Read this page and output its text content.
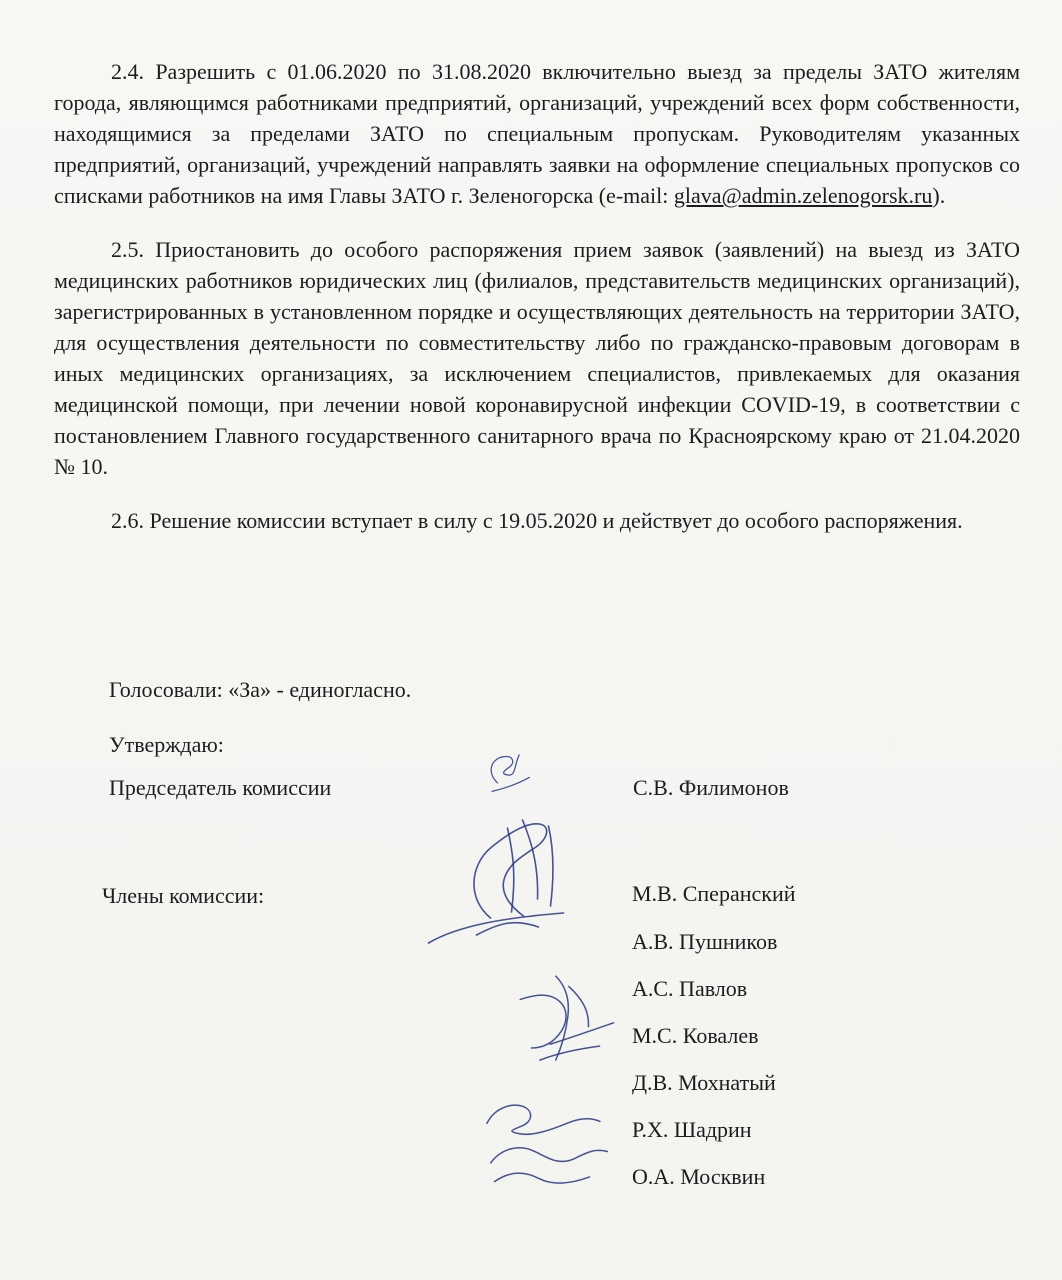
2.4. Разрешить с 01.06.2020 по 31.08.2020 включительно выезд за пределы ЗАТО жителям города, являющимся работниками предприятий, организаций, учреждений всех форм собственности, находящимися за пределами ЗАТО по специальным пропускам. Руководителям указанных предприятий, организаций, учреждений направлять заявки на оформление специальных пропусков со списками работников на имя Главы ЗАТО г. Зеленогорска (e-mail: glava@admin.zelenogorsk.ru).

2.5. Приостановить до особого распоряжения прием заявок (заявлений) на выезд из ЗАТО медицинских работников юридических лиц (филиалов, представительств медицинских организаций), зарегистрированных в установленном порядке и осуществляющих деятельность на территории ЗАТО, для осуществления деятельности по совместительству либо по гражданско-правовым договорам в иных медицинских организациях, за исключением специалистов, привлекаемых для оказания медицинской помощи, при лечении новой коронавирусной инфекции COVID-19, в соответствии с постановлением Главного государственного санитарного врача по Красноярскому краю от 21.04.2020 № 10.

2.6. Решение комиссии вступает в силу с 19.05.2020 и действует до особого распоряжения.

Голосовали: «За» - единогласно.
Утверждаю:
Председатель комиссии	С.В. Филимонов
Члены комиссии:	М.В. Сперанский
А.В. Пушников
А.С. Павлов
М.С. Ковалев
Д.В. Мохнатый
Р.Х. Шадрин
О.А. Москвин
